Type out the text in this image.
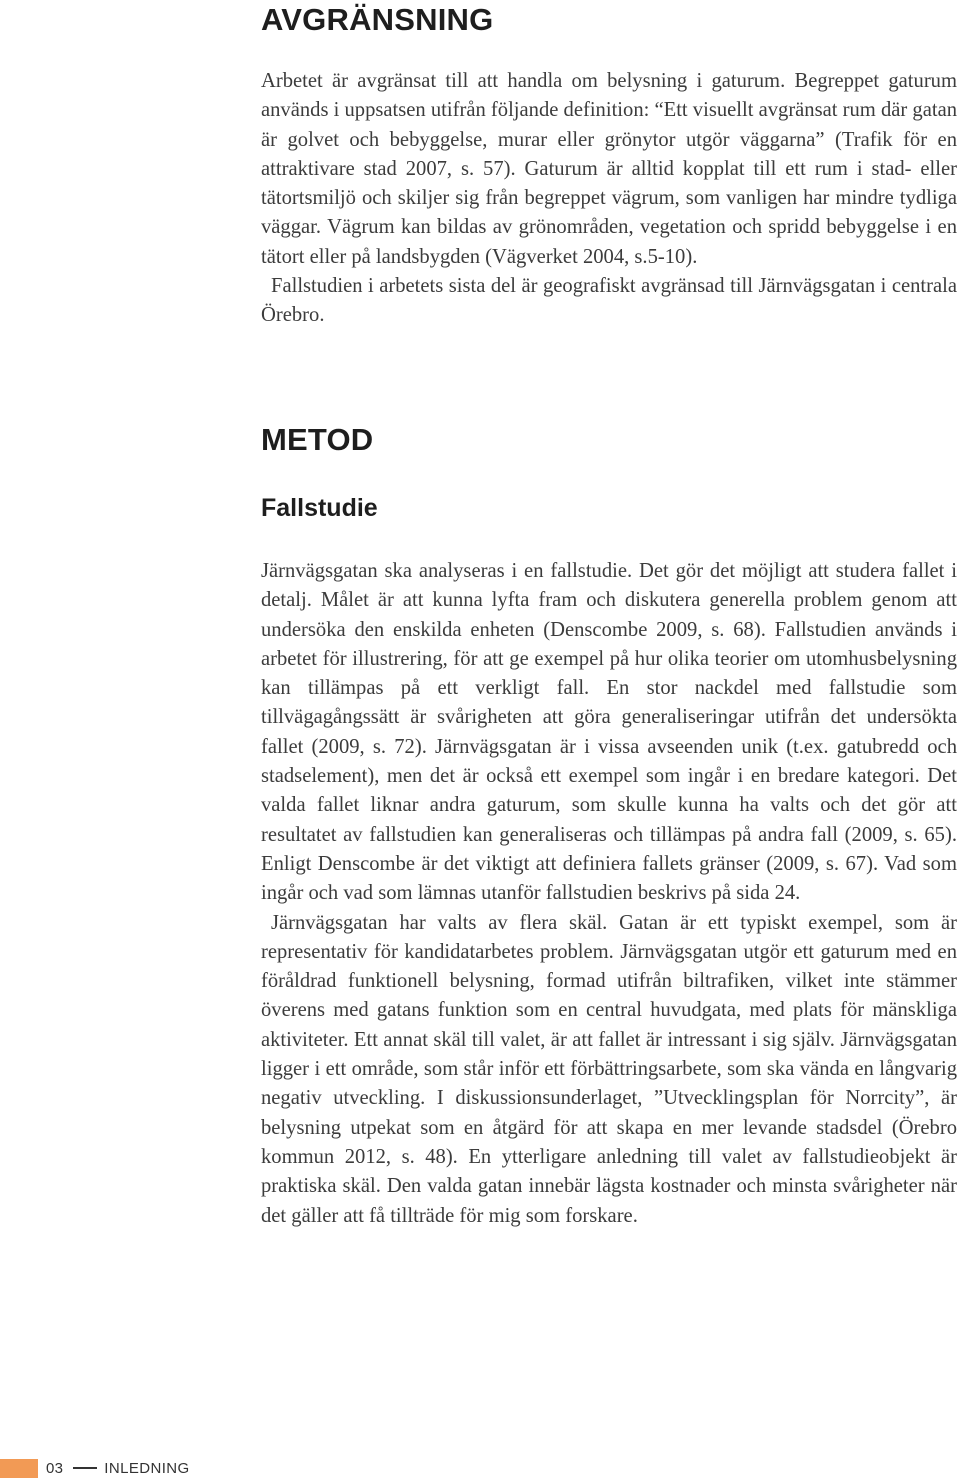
AVGRÄNSNING

Arbetet är avgränsat till att handla om belysning i gaturum. Begreppet gaturum används i uppsatsen utifrån följande definition: “Ett visuellt avgränsat rum där gatan är golvet och bebyggelse, murar eller grönytor utgör väggarna” (Trafik för en attraktivare stad 2007, s. 57). Gaturum är alltid kopplat till ett rum i stad- eller tätortsmiljö och skiljer sig från begreppet vägrum, som vanligen har mindre tydliga väggar. Vägrum kan bildas av grönområden, vegetation och spridd bebyggelse i en tätort eller på landsbygden (Vägverket 2004, s.5-10).

Fallstudien i arbetets sista del är geografiskt avgränsad till Järnvägsgatan i centrala Örebro.

METOD
Fallstudie

Järnvägsgatan ska analyseras i en fallstudie. Det gör det möjligt att studera fallet i detalj. Målet är att kunna lyfta fram och diskutera generella problem genom att undersöka den enskilda enheten (Denscombe 2009, s. 68). Fallstudien används i arbetet för illustrering, för att ge exempel på hur olika teorier om utomhusbelysning kan tillämpas på ett verkligt fall. En stor nackdel med fallstudie som tillvägagångssätt är svårigheten att göra generaliseringar utifrån det undersökta fallet (2009, s. 72). Järnvägsgatan är i vissa avseenden unik (t.ex. gatubredd och stadselement), men det är också ett exempel som ingår i en bredare kategori. Det valda fallet liknar andra gaturum, som skulle kunna ha valts och det gör att resultatet av fallstudien kan generaliseras och tillämpas på andra fall (2009, s. 65). Enligt Denscombe är det viktigt att definiera fallets gränser (2009, s. 67). Vad som ingår och vad som lämnas utanför fallstudien beskrivs på sida 24.

Järnvägsgatan har valts av flera skäl. Gatan är ett typiskt exempel, som är representativ för kandidatarbetes problem. Järnvägsgatan utgör ett gaturum med en föråldrad funktionell belysning, formad utifrån biltrafiken, vilket inte stämmer överens med gatans funktion som en central huvudgata, med plats för mänskliga aktiviteter. Ett annat skäl till valet, är att fallet är intressant i sig själv. Järnvägsgatan ligger i ett område, som står inför ett förbättringsarbete, som ska vända en långvarig negativ utveckling. I diskussionsunderlaget, ”Utvecklingsplan för Norrcity”, är belysning utpekat som en åtgärd för att skapa en mer levande stadsdel (Örebro kommun 2012, s. 48). En ytterligare anledning till valet av fallstudieobjekt är praktiska skäl. Den valda gatan innebär lägsta kostnader och minsta svårigheter när det gäller att få tillträde för mig som forskare.

03	INLEDNING
